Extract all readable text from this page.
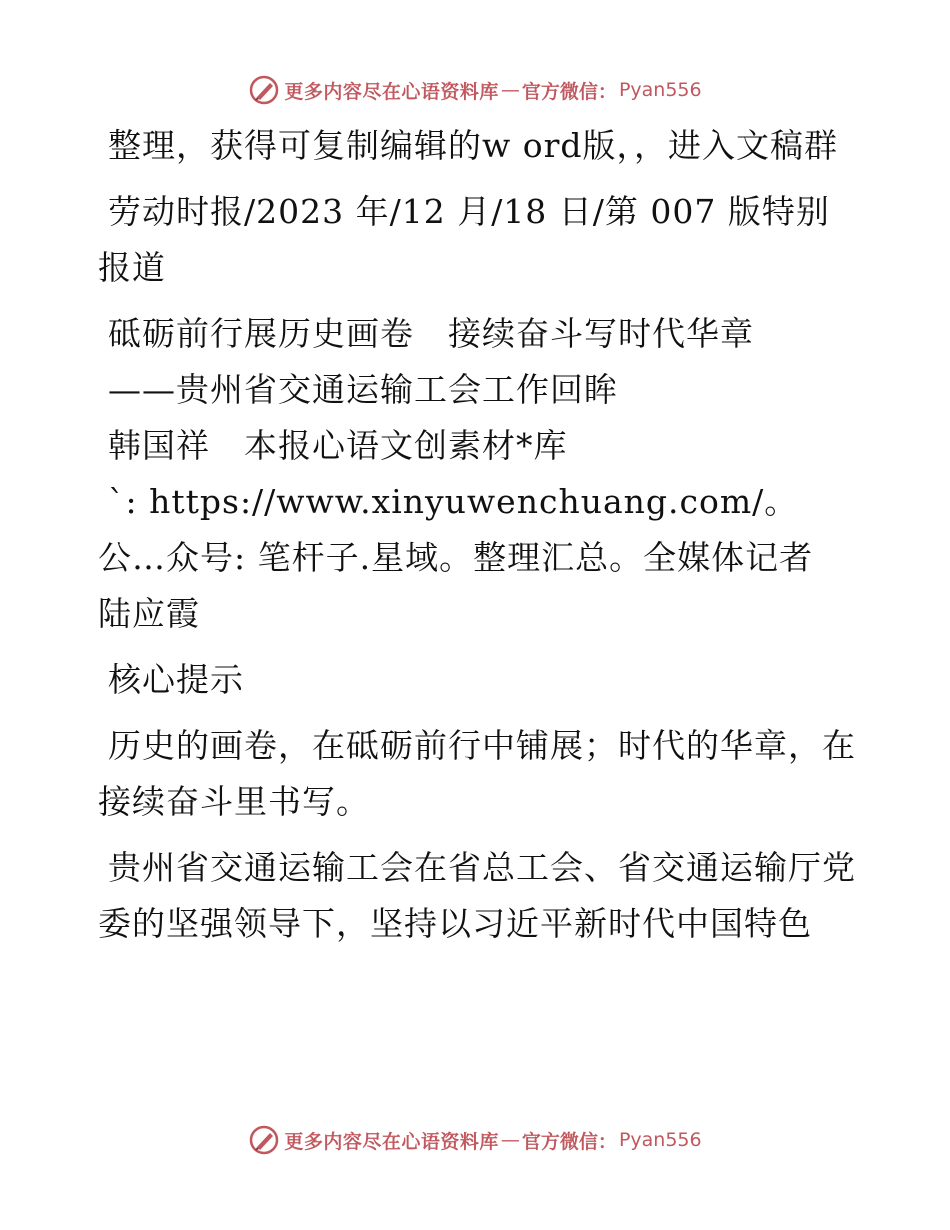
更多内容尽在心语资料库 — 官方微信： Pyan556

整理，获得可复制编辑的w ord版，，进入文稿群

劳动时报/2023 年/12 月/18 日/第 007 版特别报道

砥砺前行展历史画卷　接续奋斗写时代华章

——贵州省交通运输工会工作回眸

韩国祥　本报心语文创素材*库

`: https://www.xinyuwenchuang.com/。公…众号: 笔杆子.星域。整理汇总。全媒体记者　陆应霞

核心提示

历史的画卷，在砥砺前行中铺展；时代的华章，在接续奋斗里书写。

贵州省交通运输工会在省总工会、省交通运输厅党委的坚强领导下，坚持以习近平新时代中国特色

更多内容尽在心语资料库 — 官方微信： Pyan556
